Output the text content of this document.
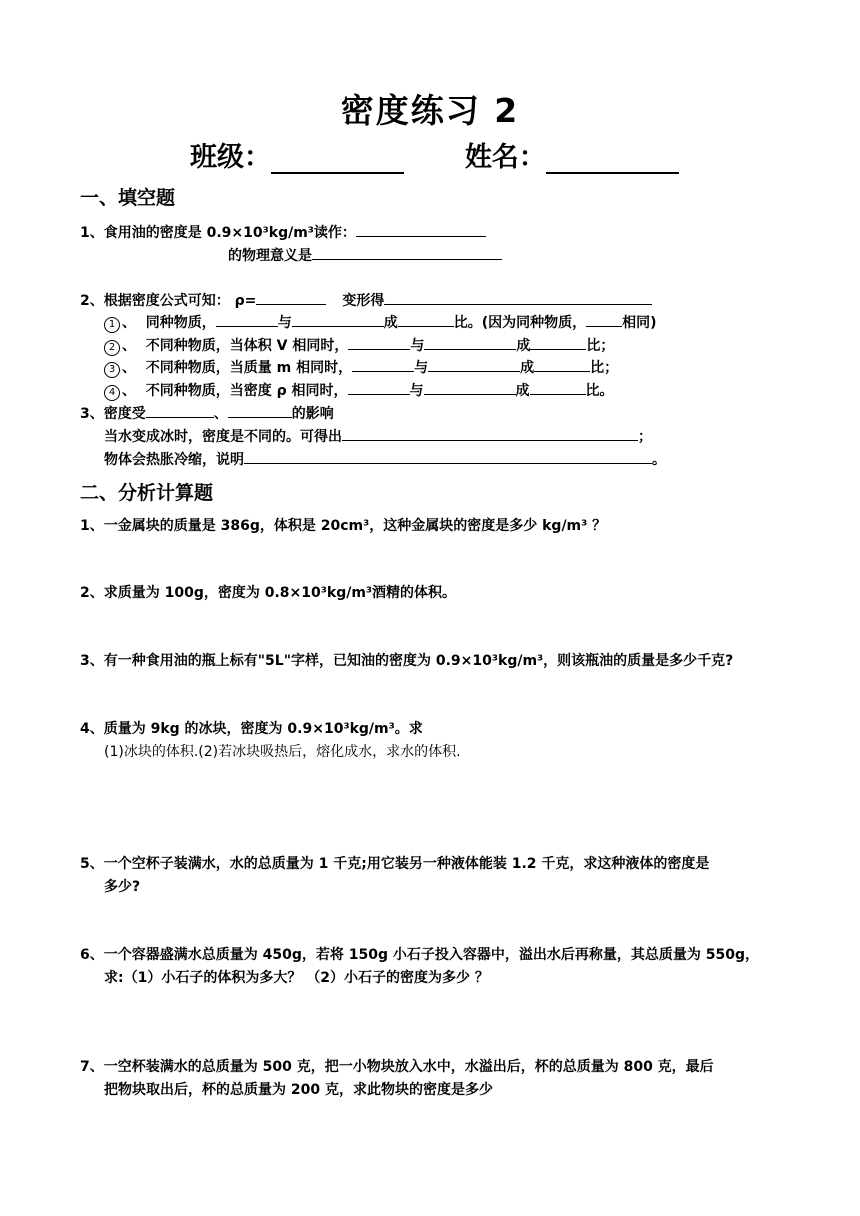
密度练习 2
班级：	姓名：
一、填空题
1、食用油的密度是 0.9×10³kg/m³读作：
的物理意义是
2、根据密度公式可知： ρ=	变形得
1 、 同种物质，	与	成	比。(因为同种物质，	相同)
2 、 不同种物质，当体积 V 相同时，	与	成	比；
3 、 不同种物质，当质量 m 相同时，	与	成	比；
4 、 不同种物质，当密度 ρ 相同时，	与	成	比。
3、密度受	、	的影响
当水变成冰时，密度是不同的。可得出	；
物体会热胀冷缩，说明	。
二、分析计算题
1、一金属块的质量是 386g，体积是 20cm³，这种金属块的密度是多少 kg/m³ ？
2、求质量为 100g，密度为 0.8×10³kg/m³酒精的体积。
3、有一种食用油的瓶上标有"5L"字样，已知油的密度为 0.9×10³kg/m³，则该瓶油的质量是多少千克?
4、质量为 9kg 的冰块，密度为 0.9×10³kg/m³。求
(1)冰块的体积.(2)若冰块吸热后，熔化成水，求水的体积.
5、一个空杯子装满水，水的总质量为 1 千克;用它装另一种液体能装 1.2 千克，求这种液体的密度是
多少?
6、一个容器盛满水总质量为 450g，若将 150g 小石子投入容器中，溢出水后再称量，其总质量为 550g，
求:（1）小石子的体积为多大？ （2）小石子的密度为多少 ？
7、一空杯装满水的总质量为 500 克，把一小物块放入水中，水溢出后，杯的总质量为 800 克，最后
把物块取出后，杯的总质量为 200 克，求此物块的密度是多少
